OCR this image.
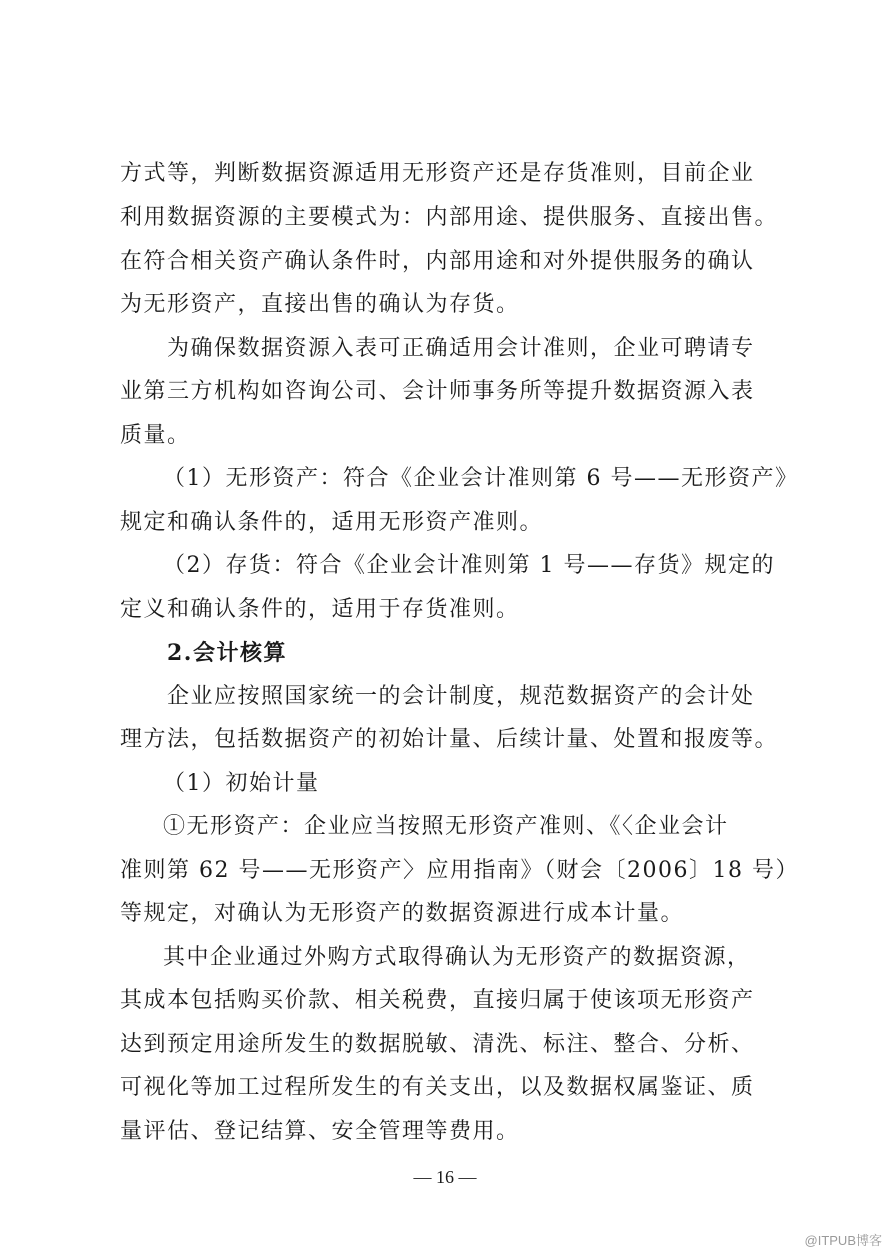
方式等，判断数据资源适用无形资产还是存货准则，目前企业
利用数据资源的主要模式为：内部用途、提供服务、直接出售。
在符合相关资产确认条件时，内部用途和对外提供服务的确认
为无形资产，直接出售的确认为存货。
为确保数据资源入表可正确适用会计准则，企业可聘请专
业第三方机构如咨询公司、会计师事务所等提升数据资源入表
质量。
（1）无形资产：符合《企业会计准则第 6 号——无形资产》
规定和确认条件的，适用无形资产准则。
（2）存货：符合《企业会计准则第 1 号——存货》规定的
定义和确认条件的，适用于存货准则。
2.会计核算
企业应按照国家统一的会计制度，规范数据资产的会计处
理方法，包括数据资产的初始计量、后续计量、处置和报废等。
（1）初始计量
①无形资产：企业应当按照无形资产准则、《〈企业会计
准则第 62 号——无形资产〉应用指南》（财会〔2006〕18 号）
等规定，对确认为无形资产的数据资源进行成本计量。
其中企业通过外购方式取得确认为无形资产的数据资源，
其成本包括购买价款、相关税费，直接归属于使该项无形资产
达到预定用途所发生的数据脱敏、清洗、标注、整合、分析、
可视化等加工过程所发生的有关支出，以及数据权属鉴证、质
量评估、登记结算、安全管理等费用。
— 16 —
@ITPUB博客
